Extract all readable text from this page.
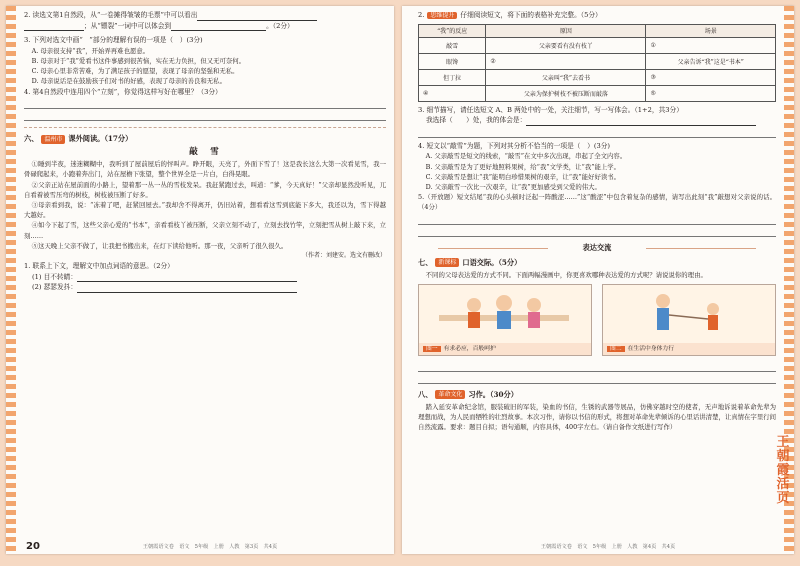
2. 读选文第1自然段，从“一卷摊得皱皱的毛票”中可以看出
；从“镖裂”一词中可以体会到	。（2分）
3. 下列对选文中画“　”部分的理解有误的一项是（　）(3分)
A. 母亲很支持“我”，开始弄再难也愿意。
B. 母亲对于“我”爱看书这件事感到很苦恼，实在无力负担，但又无可奈何。
C. 母亲心里非常苦难，为了满足孩子的愿望，表现了母亲的坚强和无私。
D. 母亲说话是在鼓励孩子们对书的好感，表现了母亲的善良和无私。
4. 第4自然段中连用四个“立刻”，你觉得这样写好在哪里？（3分）
六、	温州市 课外阅读。（17分）
敲　雪
①睡到半夜，迷迷糊糊中，我听到了屋前屋后的怦叫声。睁开眼，天亮了，外面下雪了！这是我长这么大第一次看见雪，我一骨碌爬起来，小跑着奔出门，站在屋檐下张望，整个世界全是一片白，白得晃眼。
②父亲正站在屋前面的小路上，望着那一丛一丛的雪枝发呆。我赶紧跑过去，叫道：“爹，今天真好！”父亲却显然没听见，兀自看着被雪压弯的树枝，树枝被压断了好多。
③母亲看到我，说：“冻着了吧，赶紧回屋去。”我却舍不得离开，仍旧站着，想看看这雪到底能下多大，我还以为，雪下得越大越好。
④如今下起了雪，这些父亲心爱的“书本”，亲看看枝丫被压断，父亲立刻不动了，立刻去找竹竿，立刻把雪从树上敲下来，立刻……
⑤这天晚上父亲不做了，让我把书搬出来，在灯下读给他听。那一夜，父亲听了很久很久。
（作者：刘建安。选文有删改）
1. 联系上下文，理解文中加点词语的意思。（2分）
(1) 目不转睛：
(2) 瑟瑟发抖：
20	王朝霞语文卷　语文　5年级　上册　人教　第3页　共4页
2. 思维提升 仔细阅读短文，将下面的表格补充完整。（5分）
“我”的反应	原因	场景
敲雪	父亲要看有没有枝丫	①
眼馋	②	父亲告诉“我”这是“书本”
但丁拉	父亲叫“我”去看书	③
④	父亲为保护树枝不被压断而敲落	⑤
3. 细节描写，请任选短文 A、B 两处中的一处，关注细节，写一写体会。（1+2，共3分）
我选择（　　）处，我的体会是：
4. 短文以“敲雪”为题，下列对其分析不恰当的一项是（　）(3分)
A. 父亲敲雪是短文的线索，“敲雪”在文中多次出现，串起了全文内容。
B. 父亲敲雪是为了更好地照料果树，给“我”文学类，让“我”能上学。
C. 父亲敲雪是想让“我”能明白珍惜果树的艰辛，让“我”能好好读书。
D. 父亲敲雪一次比一次艰辛，让“我”更加感受到父爱的伟大。
5.（开放题）短文结尾“我的心头顿时泛起一阵酸涩……”这“酸涩”中包含着复杂的感情，请写出此刻“我”敲想对父亲说的话。（4分）
表达交流
七、	新课标 口语交际。（5分）
不同的父母表达爱的方式不同。下面两幅漫画中，你更喜欢哪种表达爱的方式呢？请说说你的理由。
图一 有求必应，百般呵护	图二 在生活中身体力行
八、	革命文化 习作。（30分）
踏入延安革命纪念馆，服装破旧的军装，染血的书信，生锈的武器等展品，仿佛穿越时空的使者，无声地诉说着革命先辈为理想而战，为人民而牺牲的壮烈故事。本次习作，请你以书信的形式，将想对革命先辈倾诉的心里话讲清楚，让真情在字里行间自然流露。要求：题目自拟；语句通顺，内容具体，400字左右。（请自备作文纸进行写作）
王朝霞 活页
王朝霞语文卷　语文　5年级　上册　人教　第4页　共4页
